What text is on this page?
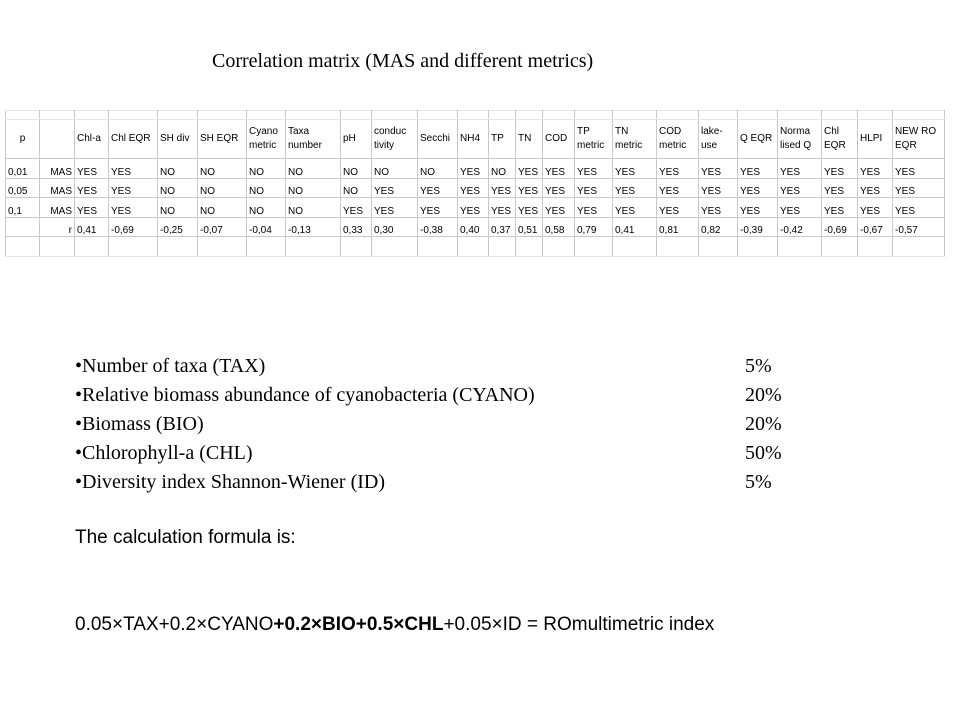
Correlation matrix (MAS and different metrics)

p		Chl-a	Chl EQR	SH div	SH EQR	Cyano metric	Taxa number	pH	conduc tivity	Secchi	NH4	TP	TN	COD	TP metric	TN metric	COD metric	lake-use	Q EQR	Norma lised Q	Chl EQR	HLPI	NEW RO EQR
0,01	MAS	YES	YES	NO	NO	NO	NO	NO	NO	NO	YES	NO	YES	YES	YES	YES	YES	YES	YES	YES	YES	YES	YES
0,05	MAS	YES	YES	NO	NO	NO	NO	NO	YES	YES	YES	YES	YES	YES	YES	YES	YES	YES	YES	YES	YES	YES	YES
0,1	MAS	YES	YES	NO	NO	NO	NO	YES	YES	YES	YES	YES	YES	YES	YES	YES	YES	YES	YES	YES	YES	YES	YES
	r	0,41	-0,69	-0,25	-0,07	-0,04	-0,13	0,33	0,30	-0,38	0,40	0,37	0,51	0,58	0,79	0,41	0,81	0,82	-0,39	-0,42	-0,69	-0,67	-0,57

•Number of taxa (TAX)	5%
•Relative biomass abundance of cyanobacteria (CYANO)	20%
•Biomass (BIO)	20%
•Chlorophyll-a (CHL)	50%
•Diversity index Shannon-Wiener (ID)	5%
The calculation formula is:
0.05×TAX+0.2×CYANO+0.2×BIO+0.5×CHL+0.05×ID = ROmultimetric index
